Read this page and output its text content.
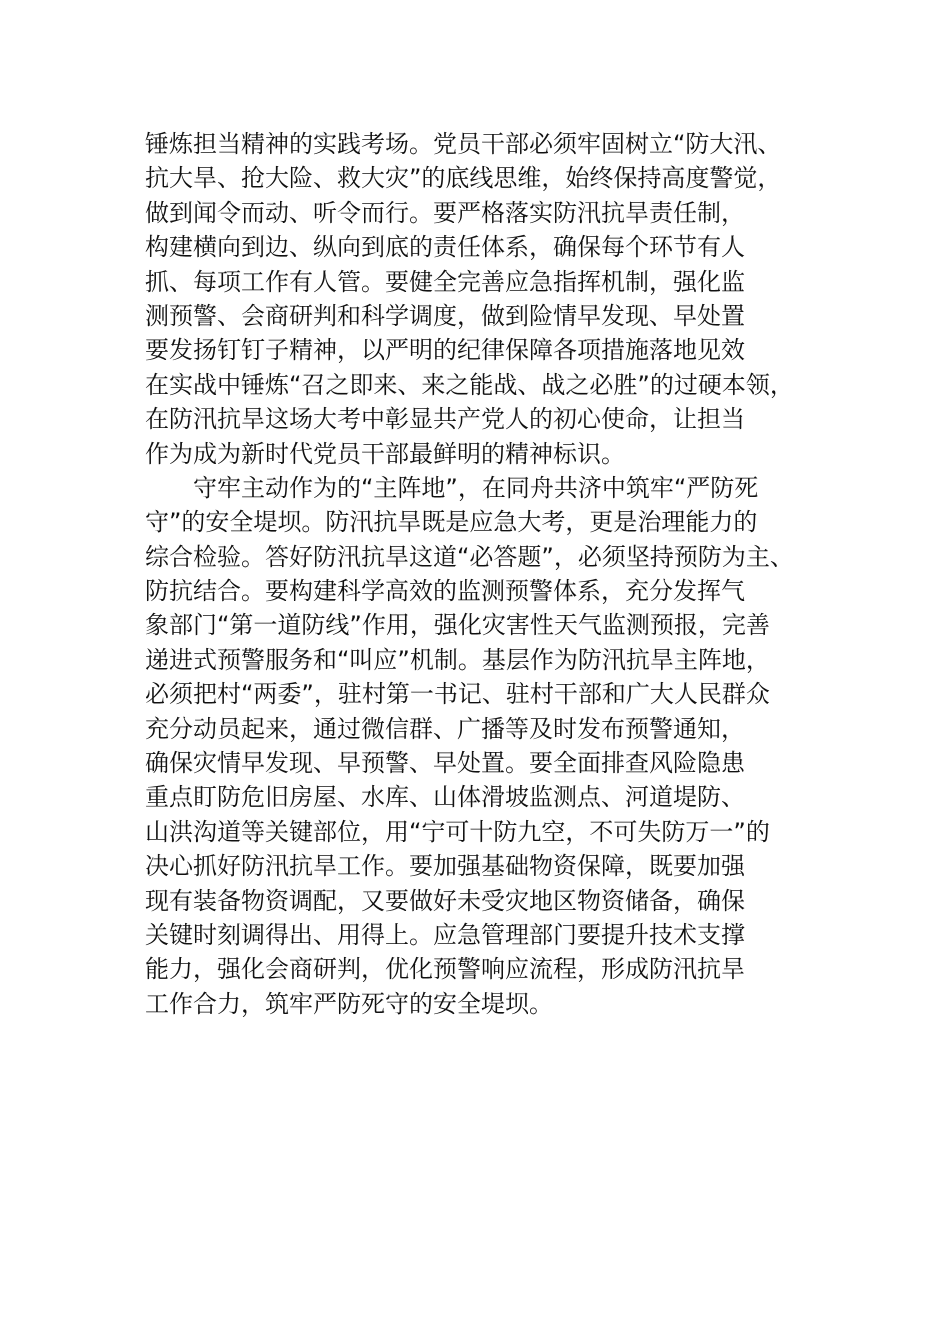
锤炼担当精神的实践考场。党员干部必须牢固树立“防大汛、
抗大旱、抢大险、救大灾”的底线思维，始终保持高度警觉，
做到闻令而动、听令而行。要严格落实防汛抗旱责任制，
构建横向到边、纵向到底的责任体系，确保每个环节有人
抓、每项工作有人管。要健全完善应急指挥机制，强化监
测预警、会商研判和科学调度，做到险情早发现、早处置
要发扬钉钉子精神，以严明的纪律保障各项措施落地见效
在实战中锤炼“召之即来、来之能战、战之必胜”的过硬本领，
在防汛抗旱这场大考中彰显共产党人的初心使命，让担当
作为成为新时代党员干部最鲜明的精神标识。
　　守牢主动作为的“主阵地”，在同舟共济中筑牢“严防死
守”的安全堤坝。防汛抗旱既是应急大考，更是治理能力的
综合检验。答好防汛抗旱这道“必答题”，必须坚持预防为主、
防抗结合。要构建科学高效的监测预警体系，充分发挥气
象部门“第一道防线”作用，强化灾害性天气监测预报，完善
递进式预警服务和“叫应”机制。基层作为防汛抗旱主阵地，
必须把村“两委”，驻村第一书记、驻村干部和广大人民群众
充分动员起来，通过微信群、广播等及时发布预警通知，
确保灾情早发现、早预警、早处置。要全面排查风险隐患
重点盯防危旧房屋、水库、山体滑坡监测点、河道堤防、
山洪沟道等关键部位，用“宁可十防九空，不可失防万一”的
决心抓好防汛抗旱工作。要加强基础物资保障，既要加强
现有装备物资调配，又要做好未受灾地区物资储备，确保
关键时刻调得出、用得上。应急管理部门要提升技术支撑
能力，强化会商研判，优化预警响应流程，形成防汛抗旱
工作合力，筑牢严防死守的安全堤坝。
